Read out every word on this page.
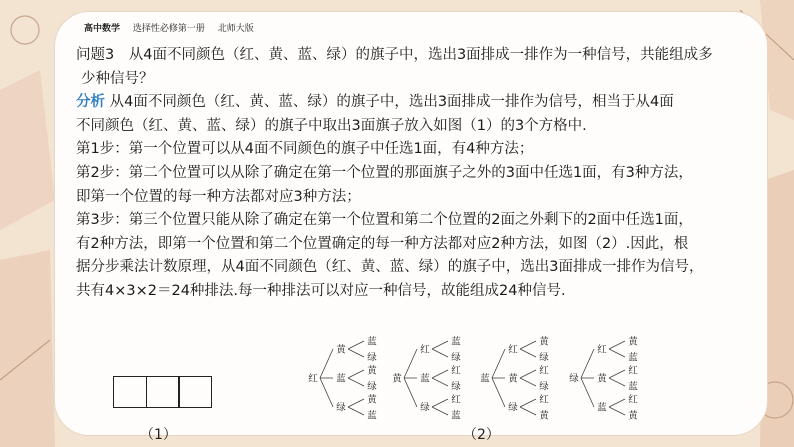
高中数学 选择性必修第一册 北师大版

问题3　从4面不同颜色（红、黄、蓝、绿）的旗子中，选出3面排成一排作为一种信号，共能组成多

少种信号？

分析 从4面不同颜色（红、黄、蓝、绿）的旗子中，选出3面排成一排作为信号，相当于从4面

不同颜色（红、黄、蓝、绿）的旗子中取出3面旗子放入如图（1）的3个方格中.

第1步：第一个位置可以从4面不同颜色的旗子中任选1面，有4种方法；

第2步：第二个位置可以从除了确定在第一个位置的那面旗子之外的3面中任选1面，有3种方法，

即第一个位置的每一种方法都对应3种方法；

第3步：第三个位置只能从除了确定在第一个位置和第二个位置的2面之外剩下的2面中任选1面，

有2种方法，即第一个位置和第二个位置确定的每一种方法都对应2种方法，如图（2）.因此，根

据分步乘法计数原理，从4面不同颜色（红、黄、蓝、绿）的旗子中，选出3面排成一排作为信号，

共有4×3×2＝24种排法.每一种排法可以对应一种信号，故能组成24种信号.

（1）	（2）
红
黄
蓝
绿
蓝
黄
绿
绿
黄
蓝
黄
红
蓝
绿
蓝
红
绿
绿
红
蓝
蓝
红
黄
绿
黄
红
绿
绿
红
黄
绿
红
黄
蓝
黄
红
蓝
蓝
红
黄
